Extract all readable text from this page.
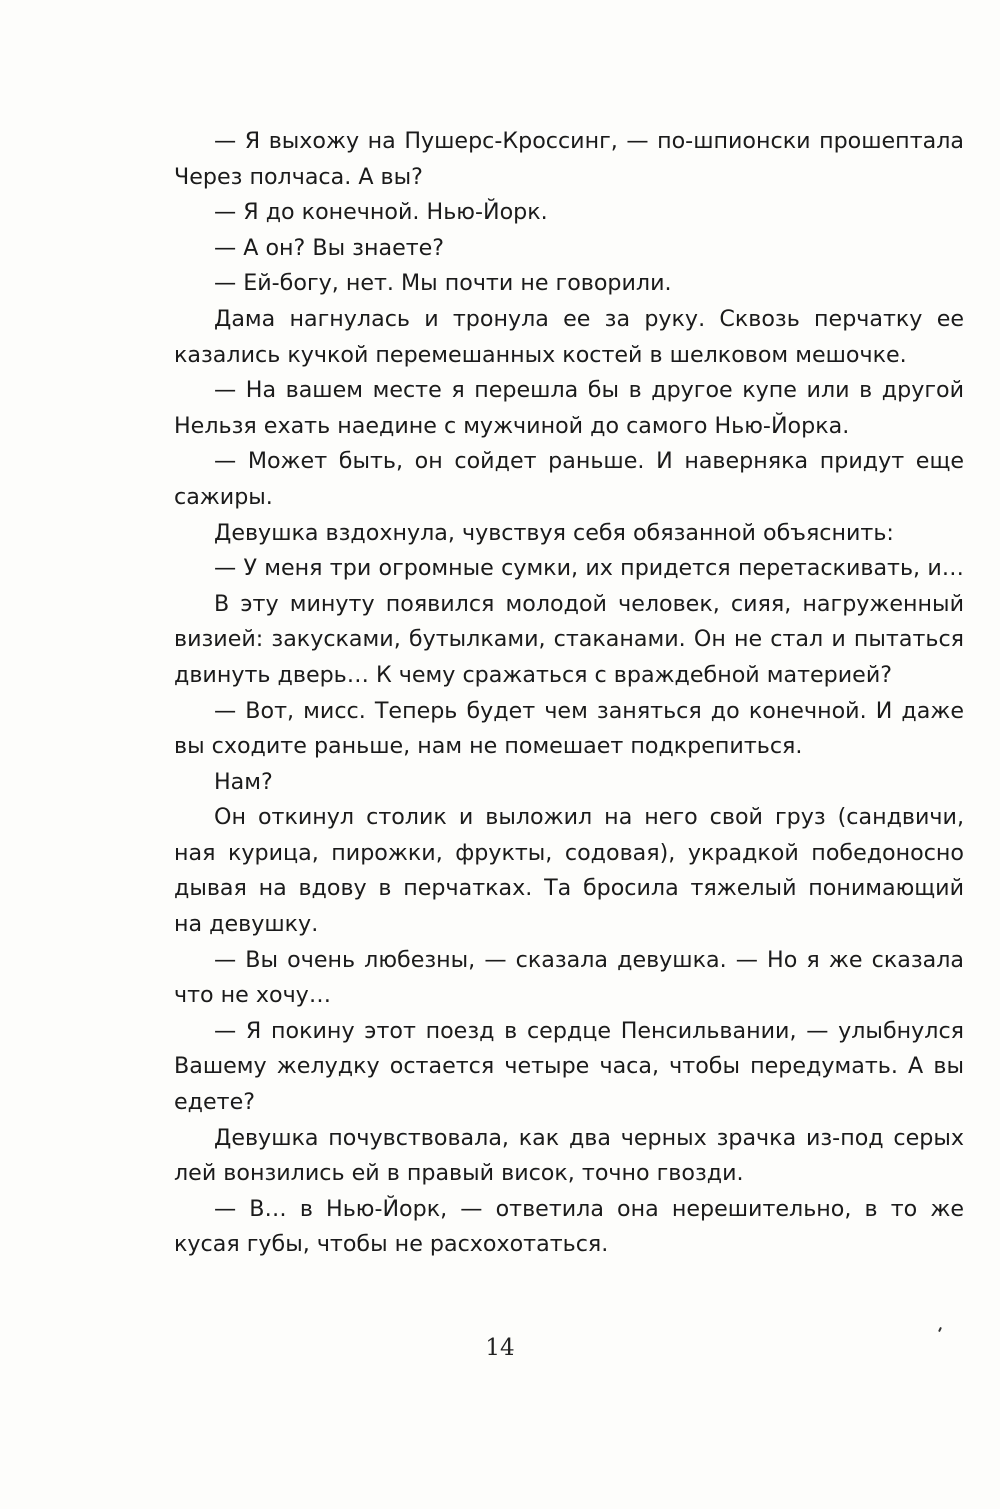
— Я выхожу на Пушерс-Кроссинг, — по-шпионски прошептала
Через полчаса. А вы?
— Я до конечной. Нью-Йорк.
— А он? Вы знаете?
— Ей-богу, нет. Мы почти не говорили.
Дама нагнулась и тронула ее за руку. Сквозь перчатку ее
казались кучкой перемешанных костей в шелковом мешочке.
— На вашем месте я перешла бы в другое купе или в другой
Нельзя ехать наедине с мужчиной до самого Нью-Йорка.
— Может быть, он сойдет раньше. И наверняка придут еще
сажиры.
Девушка вздохнула, чувствуя себя обязанной объяснить:
— У меня три огромные сумки, их придется перетаскивать, и…
В эту минуту появился молодой человек, сияя, нагруженный
визией: закусками, бутылками, стаканами. Он не стал и пытаться
двинуть дверь… К чему сражаться с враждебной материей?
— Вот, мисс. Теперь будет чем заняться до конечной. И даже
вы сходите раньше, нам не помешает подкрепиться.
Нам?
Он откинул столик и выложил на него свой груз (сандвичи,
ная курица, пирожки, фрукты, содовая), украдкой победоносно
дывая на вдову в перчатках. Та бросила тяжелый понимающий
на девушку.
— Вы очень любезны, — сказала девушка. — Но я же сказала
что не хочу…
— Я покину этот поезд в сердце Пенсильвании, — улыбнулся
Вашему желудку остается четыре часа, чтобы передумать. А вы
едете?
Девушка почувствовала, как два черных зрачка из-под серых
лей вонзились ей в правый висок, точно гвозди.
— В… в Нью-Йорк, — ответила она нерешительно, в то же
кусая губы, чтобы не расхохотаться.
14
